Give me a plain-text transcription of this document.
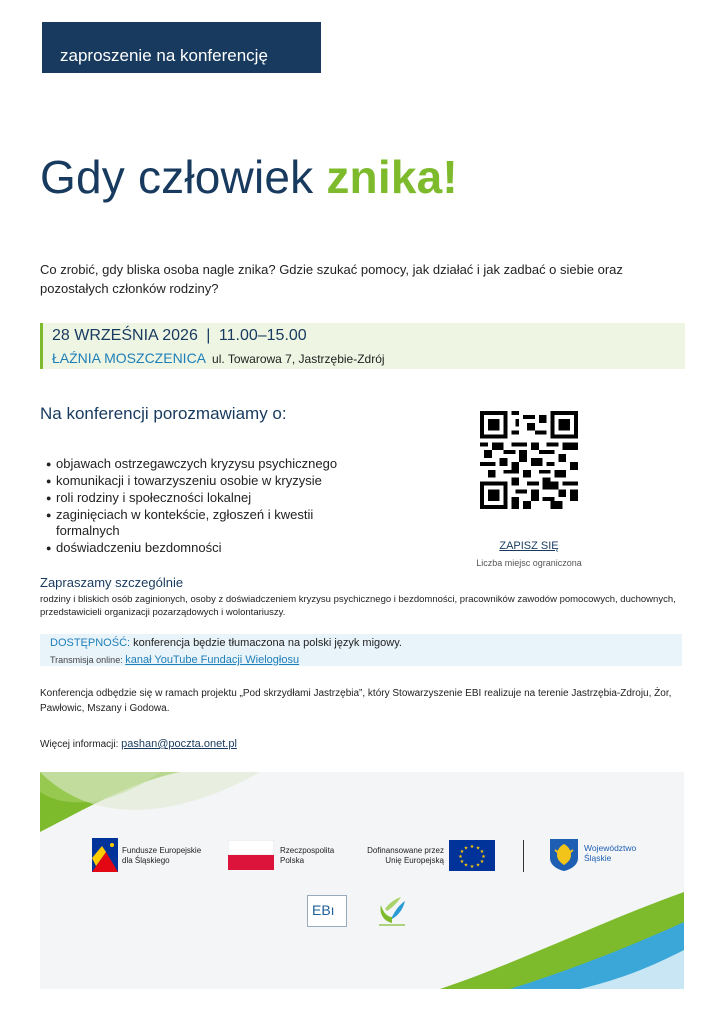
zaproszenie na konferencję
Gdy człowiek znika!
Co zrobić, gdy bliska osoba nagle znika? Gdzie szukać pomocy, jak działać i jak zadbać o siebie oraz pozostałych członków rodziny?
28 WRZEŚNIA 2026 | 11.00–15.00
ŁAŹNIA MOSZCZENICA ul. Towarowa 7, Jastrzębie-Zdrój
Na konferencji porozmawiamy o:
● objawach ostrzegawczych kryzysu psychicznego
● komunikacji i towarzyszeniu osobie w kryzysie
● roli rodziny i społeczności lokalnej
● zaginięciach w kontekście, zgłoszeń i kwestii formalnych
● doświadczeniu bezdomności	ZAPISZ SIĘ
Liczba miejsc ograniczona
Zapraszamy szczególnie
rodziny i bliskich osób zaginionych, osoby z doświadczeniem kryzysu psychicznego i bezdomności, pracowników zawodów pomocowych, duchownych, przedstawicieli organizacji pozarządowych i wolontariuszy.
DOSTĘPNOŚĆ: konferencja będzie tłumaczona na polski język migowy.
Transmisja online: kanał YouTube Fundacji Wielogłosu
Konferencja odbędzie się w ramach projektu „Pod skrzydłami Jastrzębia”, który Stowarzyszenie EBI realizuje na terenie Jastrzębia-Zdroju, Żor, Pawłowic, Mszany i Godowa.
Więcej informacji: pashan@poczta.onet.pl
Fundusze Europejskie
dla Śląskiego
Rzeczpospolita
Polska
Dofinansowane przez
Unię Europejską
★ ★
★
★
★
★
★
★
★
★
★
★	Województwo
Śląskie
EBı
